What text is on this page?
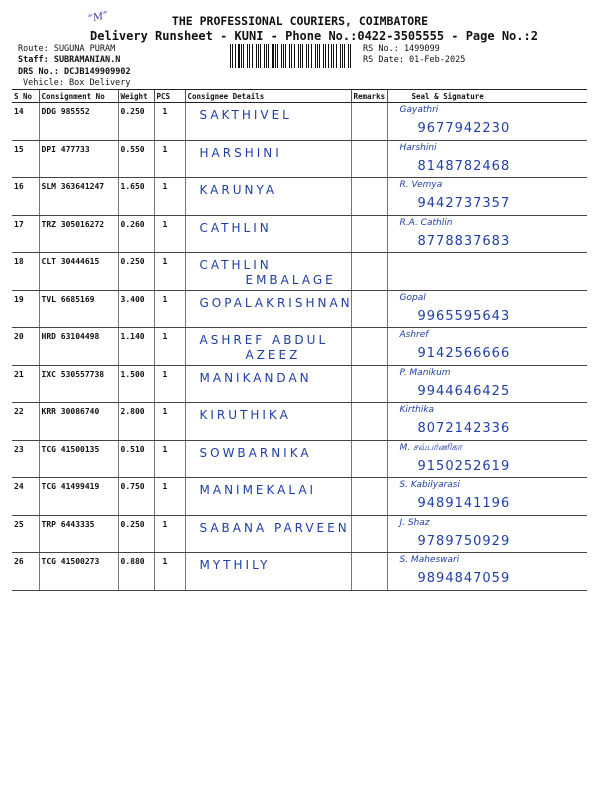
”M”	THE PROFESSIONAL COURIERS, COIMBATORE
Delivery Runsheet - KUNI - Phone No.:0422-3505555 - Page No.:2
Route: SUGUNA PURAM
Staff: SUBRAMANIAN.N
DRS No.: DCJB149909902
Vehicle: Box Delivery
RS No.: 1499099
RS Date: 01-Feb-2025
S No	Consignment No	Weight	PCS	Consignee Details	Remarks	Seal & Signature
14	DDG 985552	0.250	1	SAKTHIVEL		Gayathri
9677942230

15	DPI 477733	0.550	1	HARSHINI		Harshini
8148782468

16	SLM 363641247	1.650	1	KARUNYA		R. Vemya
9442737357

17	TRZ 305016272	0.260	1	CATHLIN		R.A. Cathlin
8778837683

18	CLT 30444615	0.250	1	CATHLIN
EMBALAGE		

19	TVL 6685169	3.400	1	GOPALAKRISHNAN		Gopal
9965595643

20	HRD 63104498	1.140	1	ASHREF ABDUL
AZEEZ		Ashref
9142566666

21	IXC 530557738	1.500	1	MANIKANDAN		P. Manikum
9944646425

22	KRR 30086740	2.800	1	KIRUTHIKA		Kirthika
8072142336

23	TCG 41500135	0.510	1	SOWBARNIKA		M. சவ்பர்ணிகா
9150252619

24	TCG 41499419	0.750	1	MANIMEKALAI		S. Kabilyarasi
9489141196

25	TRP 6443335	0.250	1	SABANA PARVEEN		J. Shaz
9789750929

26	TCG 41500273	0.880	1	MYTHILY		S. Maheswari
9894847059
